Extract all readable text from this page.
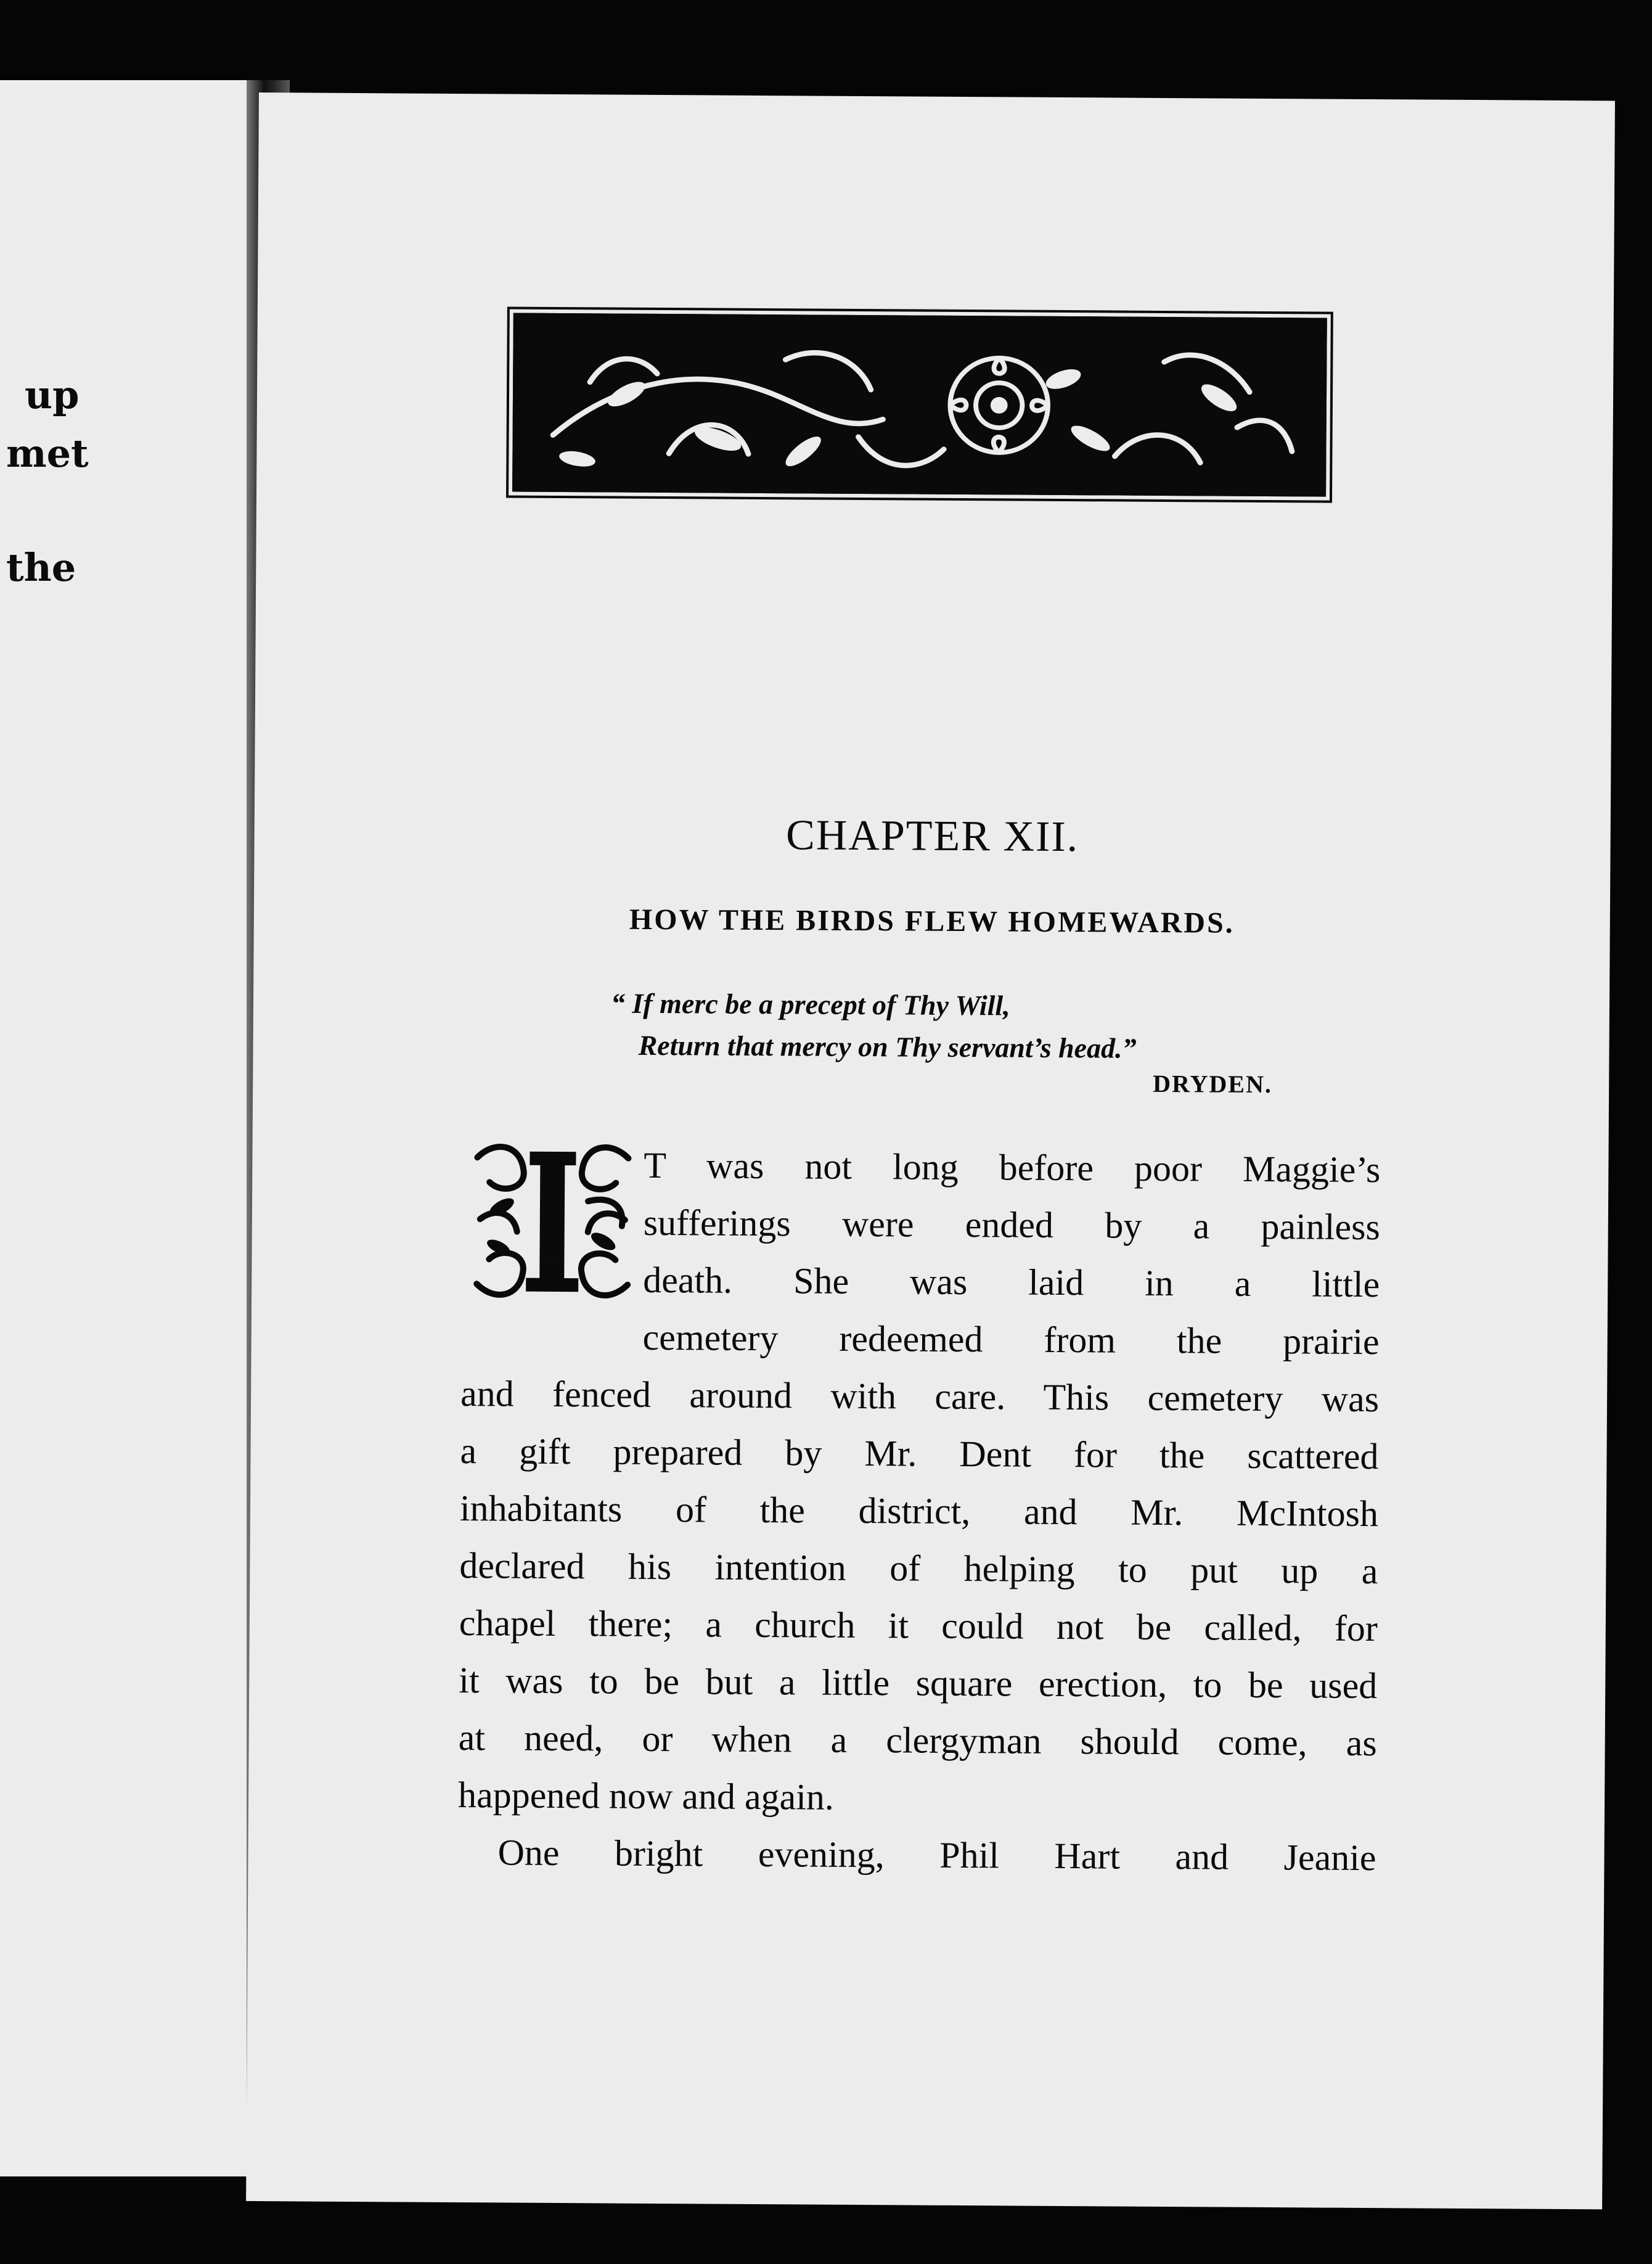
up
met
the
CHAPTER XII.
HOW THE BIRDS FLEW HOMEWARDS.
“ If merc be a precept of Thy Will,
Return that mercy on Thy servant’s head.”
DRYDEN.
T was not long before poor Maggie’s
sufferings were ended by a painless
death. She was laid in a little
cemetery redeemed from the prairie
and fenced around with care. This cemetery was
a gift prepared by Mr. Dent for the scattered
inhabitants of the district, and Mr. McIntosh
declared his intention of helping to put up a
chapel there; a church it could not be called, for
it was to be but a little square erection, to be used
at need, or when a clergyman should come, as
happened now and again.
One bright evening, Phil Hart and Jeanie
I
